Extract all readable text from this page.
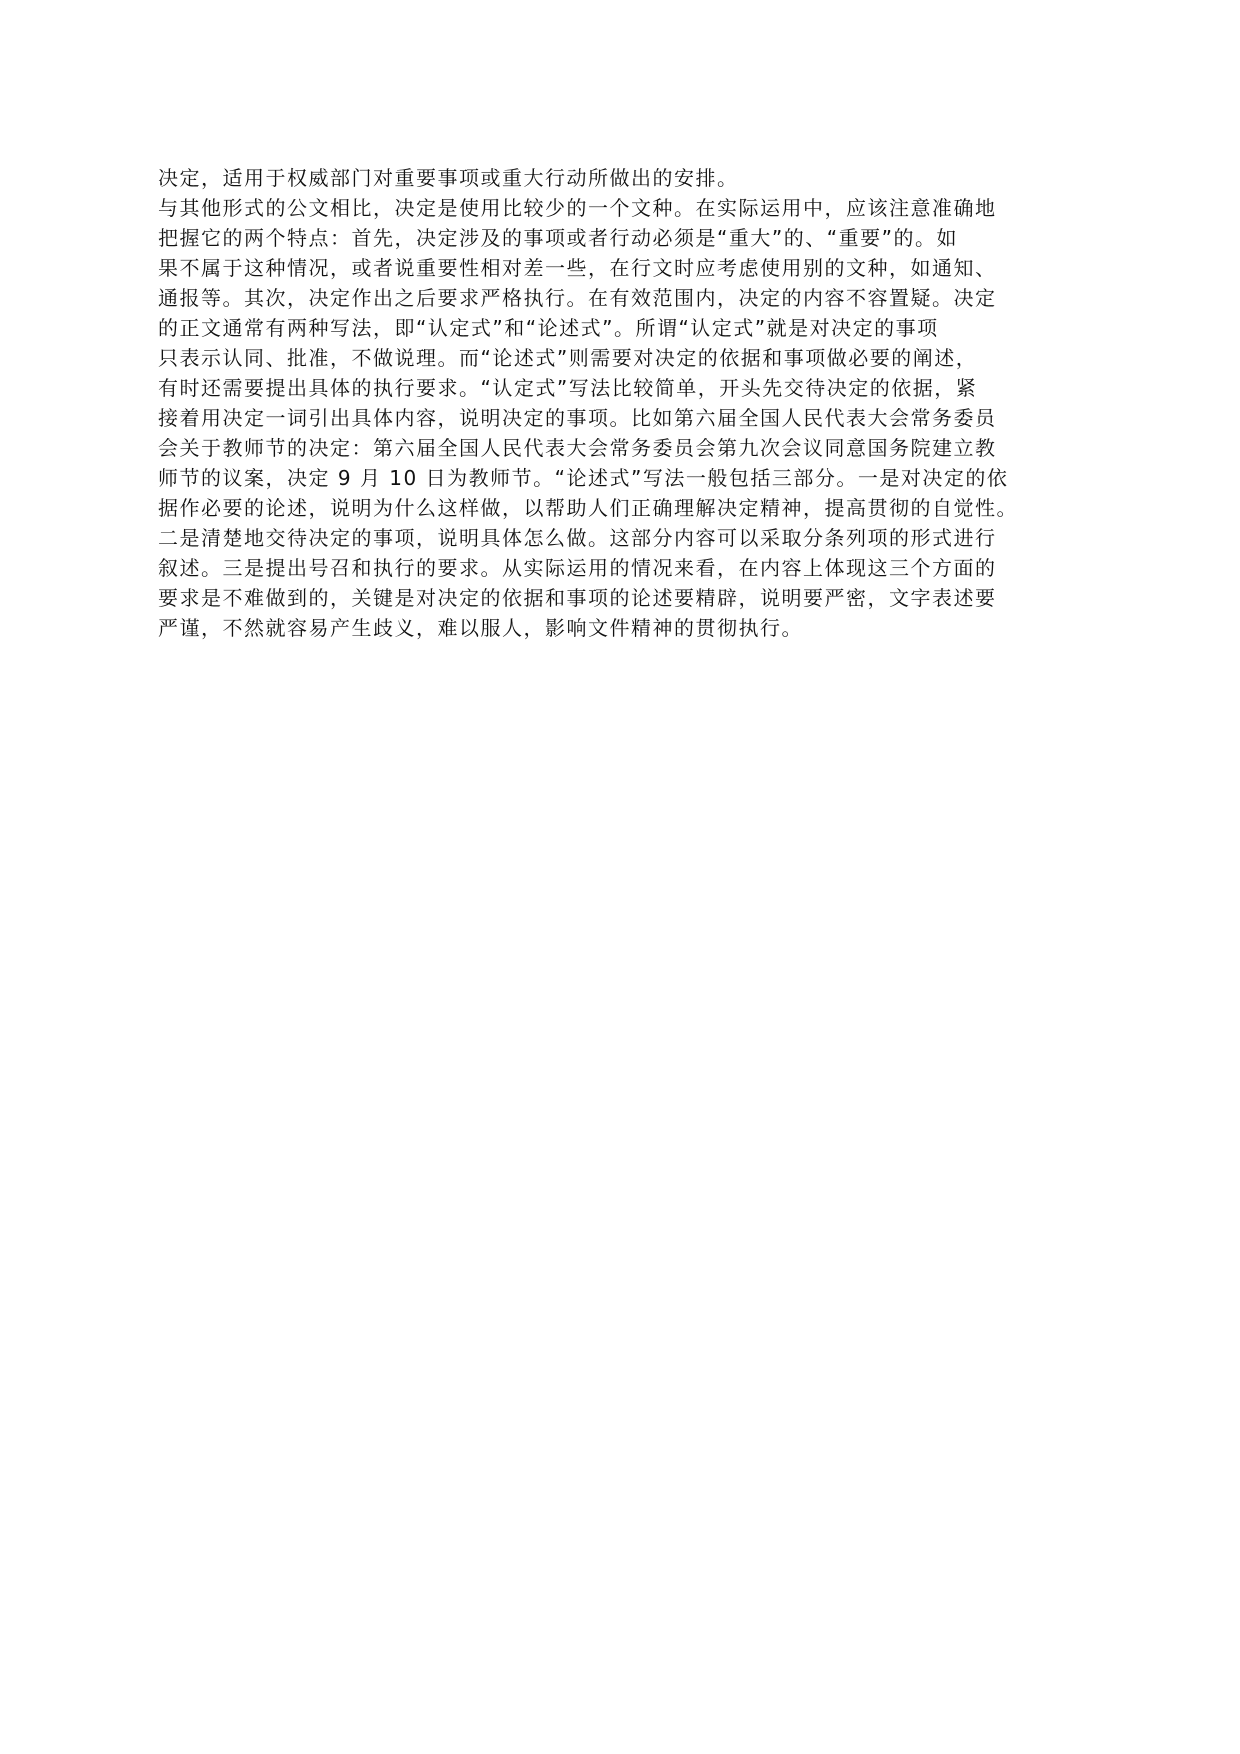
决定，适用于权威部门对重要事项或重大行动所做出的安排。
与其他形式的公文相比，决定是使用比较少的一个文种。在实际运用中，应该注意准确地
把握它的两个特点：首先，决定涉及的事项或者行动必须是“重大”的、“重要”的。如
果不属于这种情况，或者说重要性相对差一些，在行文时应考虑使用别的文种，如通知、
通报等。其次，决定作出之后要求严格执行。在有效范围内，决定的内容不容置疑。决定
的正文通常有两种写法，即“认定式”和“论述式”。所谓“认定式”就是对决定的事项
只表示认同、批准，不做说理。而“论述式”则需要对决定的依据和事项做必要的阐述，
有时还需要提出具体的执行要求。“认定式”写法比较简单，开头先交待决定的依据，紧
接着用决定一词引出具体内容，说明决定的事项。比如第六届全国人民代表大会常务委员
会关于教师节的决定：第六届全国人民代表大会常务委员会第九次会议同意国务院建立教
师节的议案，决定 9 月 10 日为教师节。“论述式”写法一般包括三部分。一是对决定的依
据作必要的论述，说明为什么这样做，以帮助人们正确理解决定精神，提高贯彻的自觉性。
二是清楚地交待决定的事项，说明具体怎么做。这部分内容可以采取分条列项的形式进行
叙述。三是提出号召和执行的要求。从实际运用的情况来看，在内容上体现这三个方面的
要求是不难做到的，关键是对决定的依据和事项的论述要精辟，说明要严密，文字表述要
严谨，不然就容易产生歧义，难以服人，影响文件精神的贯彻执行。
